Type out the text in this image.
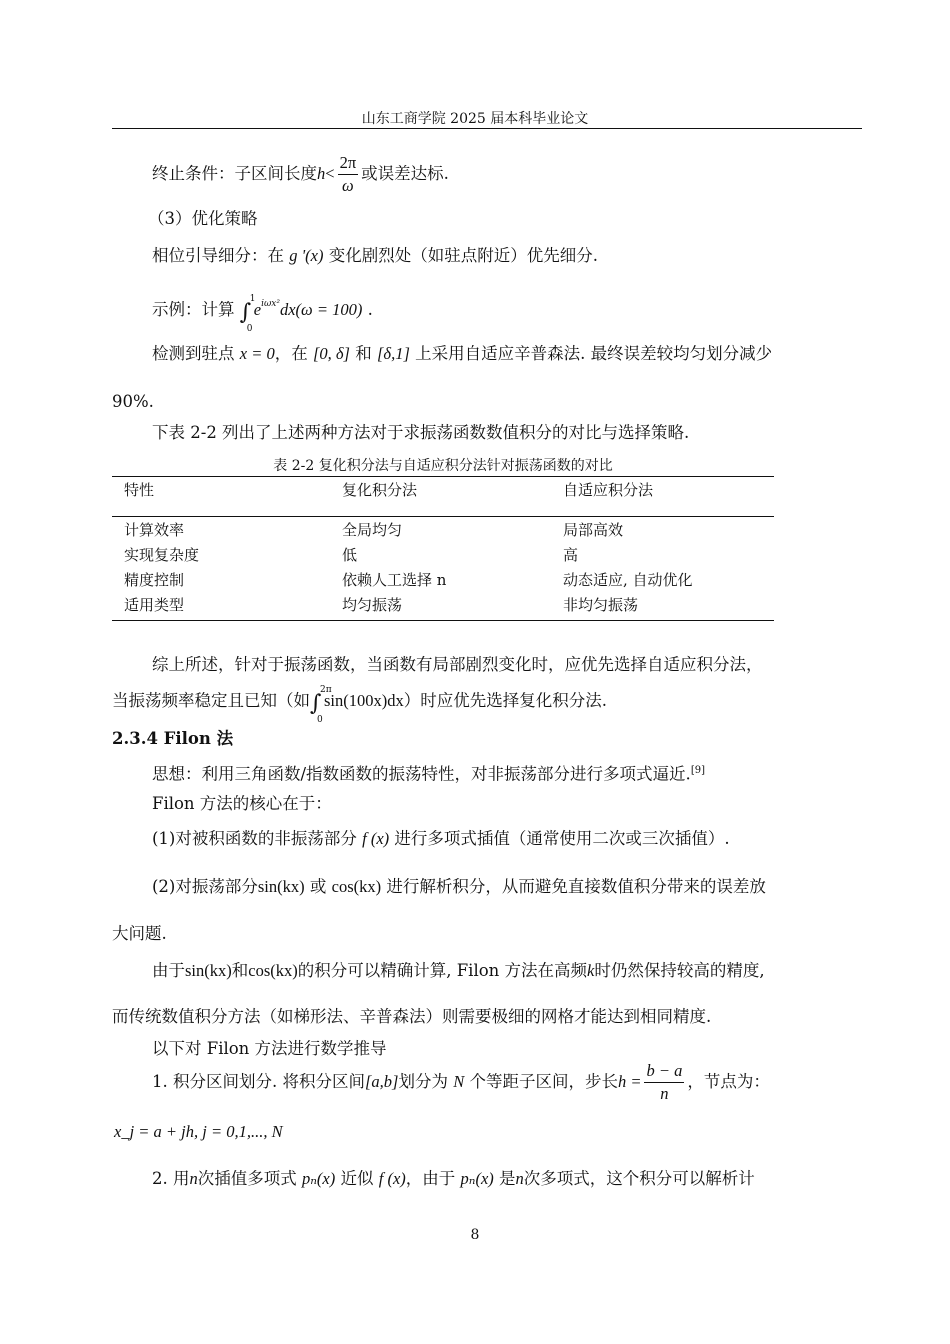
山东工商学院 2025 届本科毕业论文
终止条件：子区间长度$h< \frac{2\pi}{\omega}$ 或误差达标.
（3）优化策略
相位引导细分：在 g '(x) 变化剧烈处（如驻点附近）优先细分.
示例：计算 ∫
1
0
$e^{i\omega x^2}dx(\omega = 100)$ .
检测到驻点 x = 0，在 [0, δ] 和 [δ,1] 上采用自适应辛普森法. 最终误差较均匀划分减少
90%.
下表 2-2 列出了上述两种方法对于求振荡函数数值积分的对比与选择策略.
表 2-2 复化积分法与自适应积分法针对振荡函数的对比
特性	复化积分法	自适应积分法
计算效率	全局均匀	局部高效
实现复杂度	低	高
精度控制	依赖人工选择 n	动态适应, 自动优化
适用类型	均匀振荡	非均匀振荡
综上所述，针对于振荡函数，当函数有局部剧烈变化时，应优先选择自适应积分法，
当振荡频率稳定且已知（如∫
2π
0
sin(100x)dx）时应优先选择复化积分法.
2.3.4 Filon 法
思想：利用三角函数/指数函数的振荡特性，对非振荡部分进行多项式逼近.[9]
Filon 方法的核心在于：
(1)对被积函数的非振荡部分 f (x) 进行多项式插值（通常使用二次或三次插值）.
(2)对振荡部分sin(kx) 或 cos(kx) 进行解析积分，从而避免直接数值积分带来的误差放
大问题.
由于sin(kx)和cos(kx)的积分可以精确计算, Filon 方法在高频k时仍然保持较高的精度,
而传统数值积分方法（如梯形法、辛普森法）则需要极细的网格才能达到相同精度.
以下对 Filon 方法进行数学推导
1. 积分区间划分. 将积分区间[a,b]划分为 N 个等距子区间，步长$h = \frac{b - a}{n}$ ，节点为：
x_j = a + jh, j = 0,1,..., N
2. 用n次插值多项式 pₙ(x) 近似 f (x)，由于 pₙ(x) 是n次多项式，这个积分可以解析计
8
